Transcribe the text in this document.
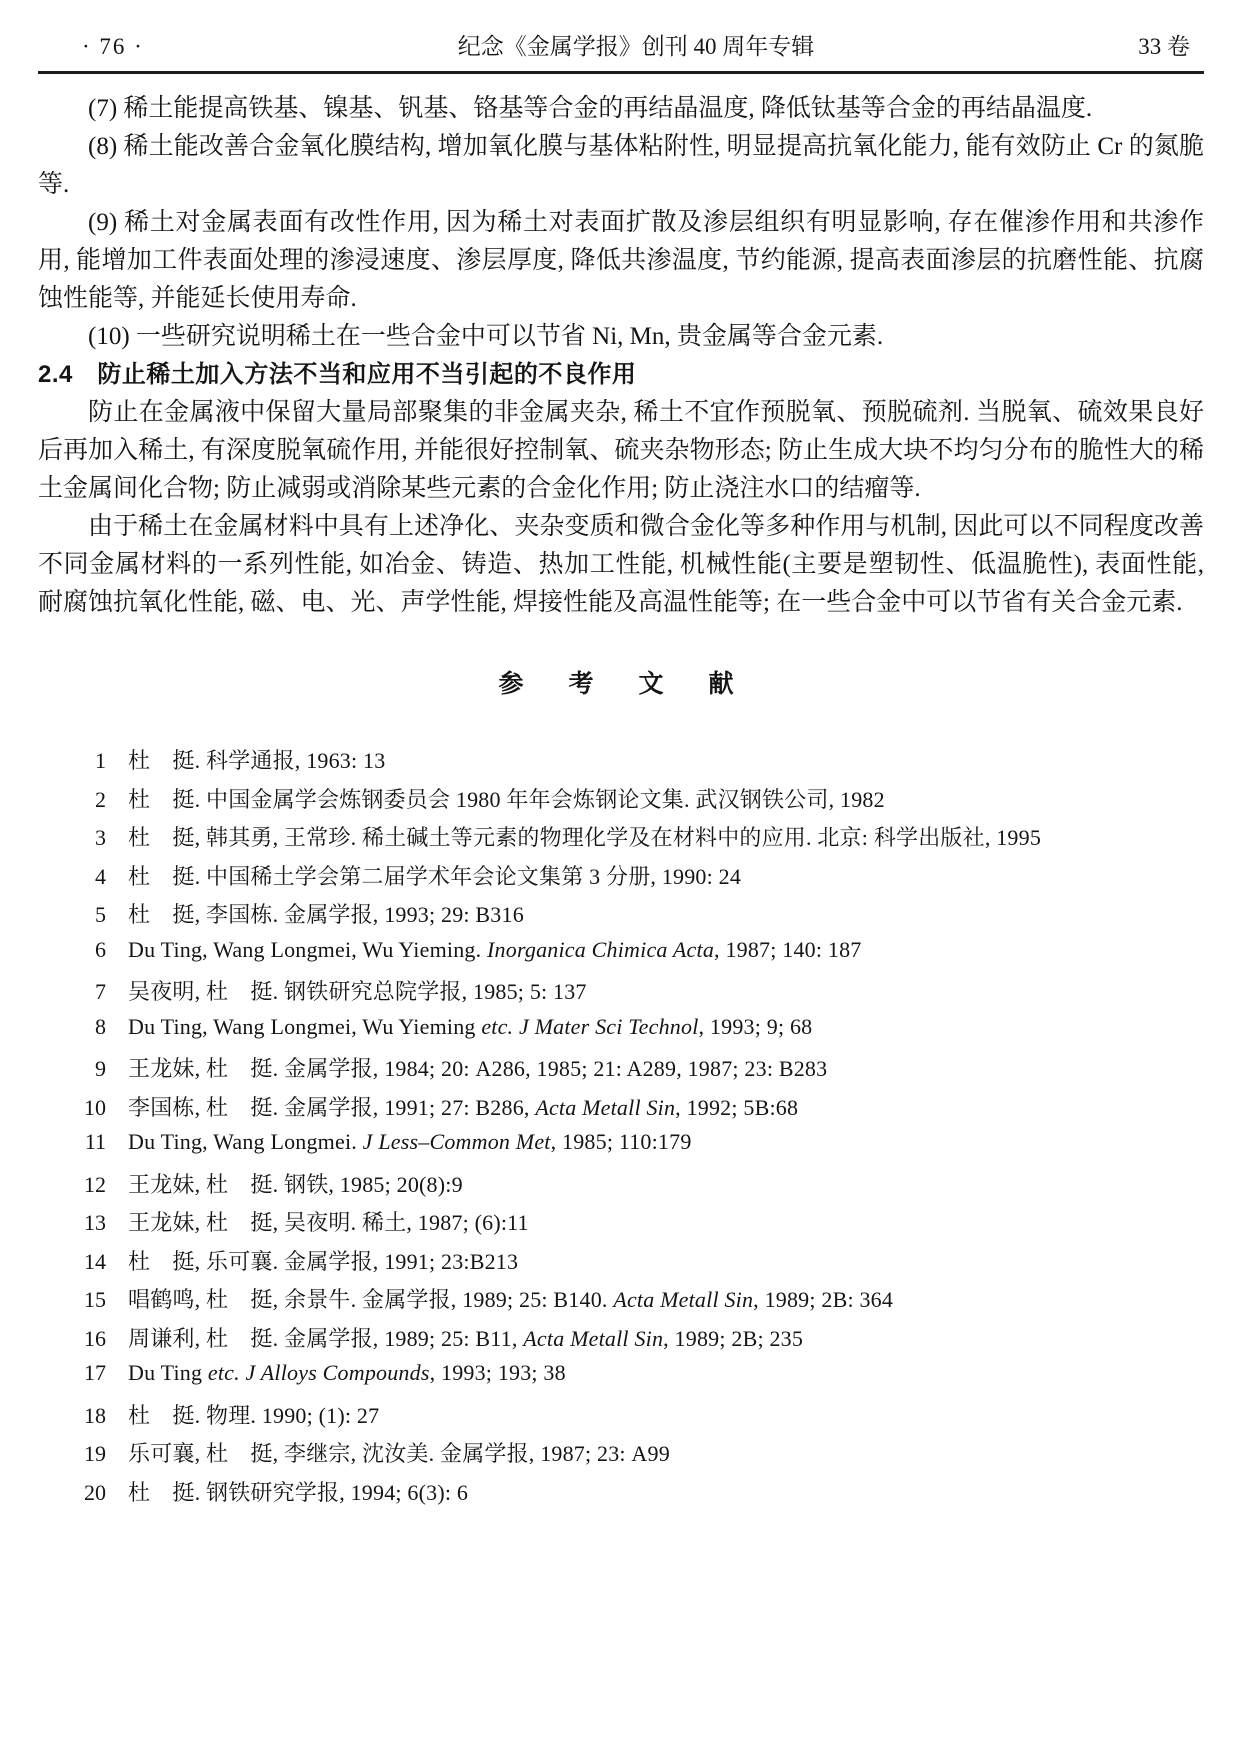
· 76 ·	纪念《金属学报》创刊 40 周年专辑	33 卷

(7) 稀土能提高铁基、镍基、钒基、铬基等合金的再结晶温度, 降低钛基等合金的再结晶温度.

(8) 稀土能改善合金氧化膜结构, 增加氧化膜与基体粘附性, 明显提高抗氧化能力, 能有效防止 Cr 的氮脆等.

(9) 稀土对金属表面有改性作用, 因为稀土对表面扩散及渗层组织有明显影响, 存在催渗作用和共渗作用, 能增加工件表面处理的渗浸速度、渗层厚度, 降低共渗温度, 节约能源, 提高表面渗层的抗磨性能、抗腐蚀性能等, 并能延长使用寿命.

(10) 一些研究说明稀土在一些合金中可以节省 Ni, Mn, 贵金属等合金元素.

2.4　防止稀土加入方法不当和应用不当引起的不良作用

防止在金属液中保留大量局部聚集的非金属夹杂, 稀土不宜作预脱氧、预脱硫剂. 当脱氧、硫效果良好后再加入稀土, 有深度脱氧硫作用, 并能很好控制氧、硫夹杂物形态; 防止生成大块不均匀分布的脆性大的稀土金属间化合物; 防止减弱或消除某些元素的合金化作用; 防止浇注水口的结瘤等.

由于稀土在金属材料中具有上述净化、夹杂变质和微合金化等多种作用与机制, 因此可以不同程度改善不同金属材料的一系列性能, 如冶金、铸造、热加工性能, 机械性能(主要是塑韧性、低温脆性), 表面性能, 耐腐蚀抗氧化性能, 磁、电、光、声学性能, 焊接性能及高温性能等; 在一些合金中可以节省有关合金元素.

参　考　文　献
1 杜　挺. 科学通报, 1963: 13
2 杜　挺. 中国金属学会炼钢委员会 1980 年年会炼钢论文集. 武汉钢铁公司, 1982
3 杜　挺, 韩其勇, 王常珍. 稀土碱土等元素的物理化学及在材料中的应用. 北京: 科学出版社, 1995
4 杜　挺. 中国稀土学会第二届学术年会论文集第 3 分册, 1990: 24
5 杜　挺, 李国栋. 金属学报, 1993; 29: B316
6 Du Ting, Wang Longmei, Wu Yieming. Inorganica Chimica Acta, 1987; 140: 187
7 吴夜明, 杜　挺. 钢铁研究总院学报, 1985; 5: 137
8 Du Ting, Wang Longmei, Wu Yieming etc. J Mater Sci Technol, 1993; 9; 68
9 王龙妹, 杜　挺. 金属学报, 1984; 20: A286, 1985; 21: A289, 1987; 23: B283
10 李国栋, 杜　挺. 金属学报, 1991; 27: B286, Acta Metall Sin, 1992; 5B:68
11 Du Ting, Wang Longmei. J Less–Common Met, 1985; 110:179
12 王龙妹, 杜　挺. 钢铁, 1985; 20(8):9
13 王龙妹, 杜　挺, 吴夜明. 稀土, 1987; (6):11
14 杜　挺, 乐可襄. 金属学报, 1991; 23:B213
15 唱鹤鸣, 杜　挺, 余景牛. 金属学报, 1989; 25: B140. Acta Metall Sin, 1989; 2B: 364
16 周谦利, 杜　挺. 金属学报, 1989; 25: B11, Acta Metall Sin, 1989; 2B; 235
17 Du Ting etc. J Alloys Compounds, 1993; 193; 38
18 杜　挺. 物理. 1990; (1): 27
19 乐可襄, 杜　挺, 李继宗, 沈汝美. 金属学报, 1987; 23: A99
20 杜　挺. 钢铁研究学报, 1994; 6(3): 6
